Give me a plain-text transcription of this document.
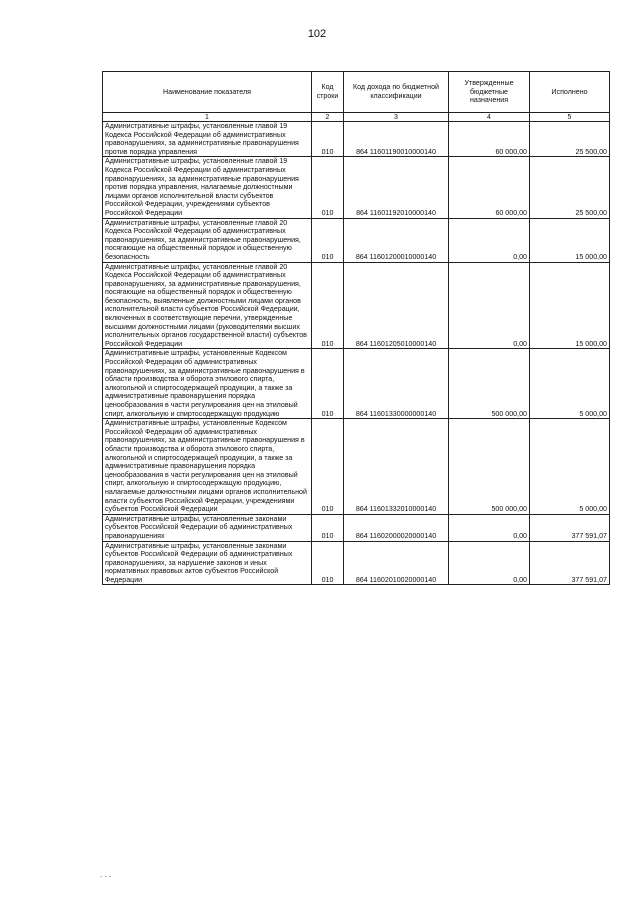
102
Наименование показателя	Код строки	Код дохода по бюджетной классификации	Утвержденные бюджетные назначения	Исполнено
1	2	3	4	5
Административные штрафы, установленные главой 19 Кодекса Российской Федерации об административных правонарушениях, за административные правонарушения против порядка управления	010	864 11601190010000140	60 000,00	25 500,00
Административные штрафы, установленные главой 19 Кодекса Российской Федерации об административных правонарушениях, за административные правонарушения против порядка управления, налагаемые должностными лицами органов исполнительной власти субъектов Российской Федерации, учреждениями субъектов Российской Федерации	010	864 11601192010000140	60 000,00	25 500,00
Административные штрафы, установленные главой 20 Кодекса Российской Федерации об административных правонарушениях, за административные правонарушения, посягающие на общественный порядок и общественную безопасность	010	864 11601200010000140	0,00	15 000,00
Административные штрафы, установленные главой 20 Кодекса Российской Федерации об административных правонарушениях, за административные правонарушения, посягающие на общественный порядок и общественную безопасность, выявленные должностными лицами органов исполнительной власти субъектов Российской Федерации, включенных в соответствующие перечни, утвержденные высшими должностными лицами (руководителями высших исполнительных органов государственной власти) субъектов Российской Федерации	010	864 11601205010000140	0,00	15 000,00
Административные штрафы, установленные Кодексом Российской Федерации об административных правонарушениях, за административные правонарушения в области производства и оборота этилового спирта, алкогольной и спиртосодержащей продукции, а также за административные правонарушения порядка ценообразования в части регулирования цен на этиловый спирт, алкогольную и спиртосодержащую продукцию	010	864 11601330000000140	500 000,00	5 000,00
Административные штрафы, установленные Кодексом Российской Федерации об административных правонарушениях, за административные правонарушения в области производства и оборота этилового спирта, алкогольной и спиртосодержащей продукции, а также за административные правонарушения порядка ценообразования в части регулирования цен на этиловый спирт, алкогольную и спиртосодержащую продукцию, налагаемые должностными лицами органов исполнительной власти субъектов Российской Федерации, учреждениями субъектов Российской Федерации	010	864 11601332010000140	500 000,00	5 000,00
Административные штрафы, установленные законами субъектов Российской Федерации об административных правонарушениях	010	864 11602000020000140	0,00	377 591,07
Административные штрафы, установленные законами субъектов Российской Федерации об административных правонарушениях, за нарушение законов и иных нормативных правовых актов субъектов Российской Федерации	010	864 11602010020000140	0,00	377 591,07
. . .
